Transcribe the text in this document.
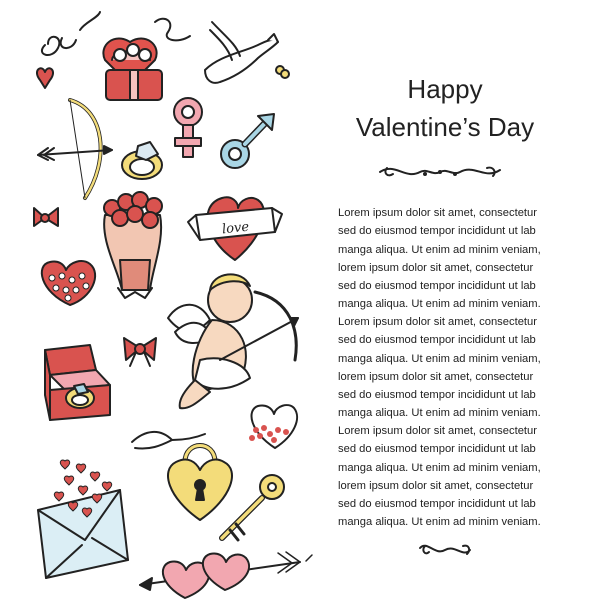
love
Happy
Valentine’s Day
Lorem ipsum dolor sit amet, consectetur
sed do eiusmod tempor incididunt ut lab
manga aliqua. Ut enim ad minim veniam,
lorem ipsum dolor sit amet, consectetur
sed do eiusmod tempor incididunt ut lab
manga aliqua. Ut enim ad minim veniam.
Lorem ipsum dolor sit amet, consectetur
sed do eiusmod tempor incididunt ut lab
manga aliqua. Ut enim ad minim veniam,
lorem ipsum dolor sit amet, consectetur
sed do eiusmod tempor incididunt ut lab
manga aliqua. Ut enim ad minim veniam.
Lorem ipsum dolor sit amet, consectetur
sed do eiusmod tempor incididunt ut lab
manga aliqua. Ut enim ad minim veniam,
lorem ipsum dolor sit amet, consectetur
sed do eiusmod tempor incididunt ut lab
manga aliqua. Ut enim ad minim veniam.
